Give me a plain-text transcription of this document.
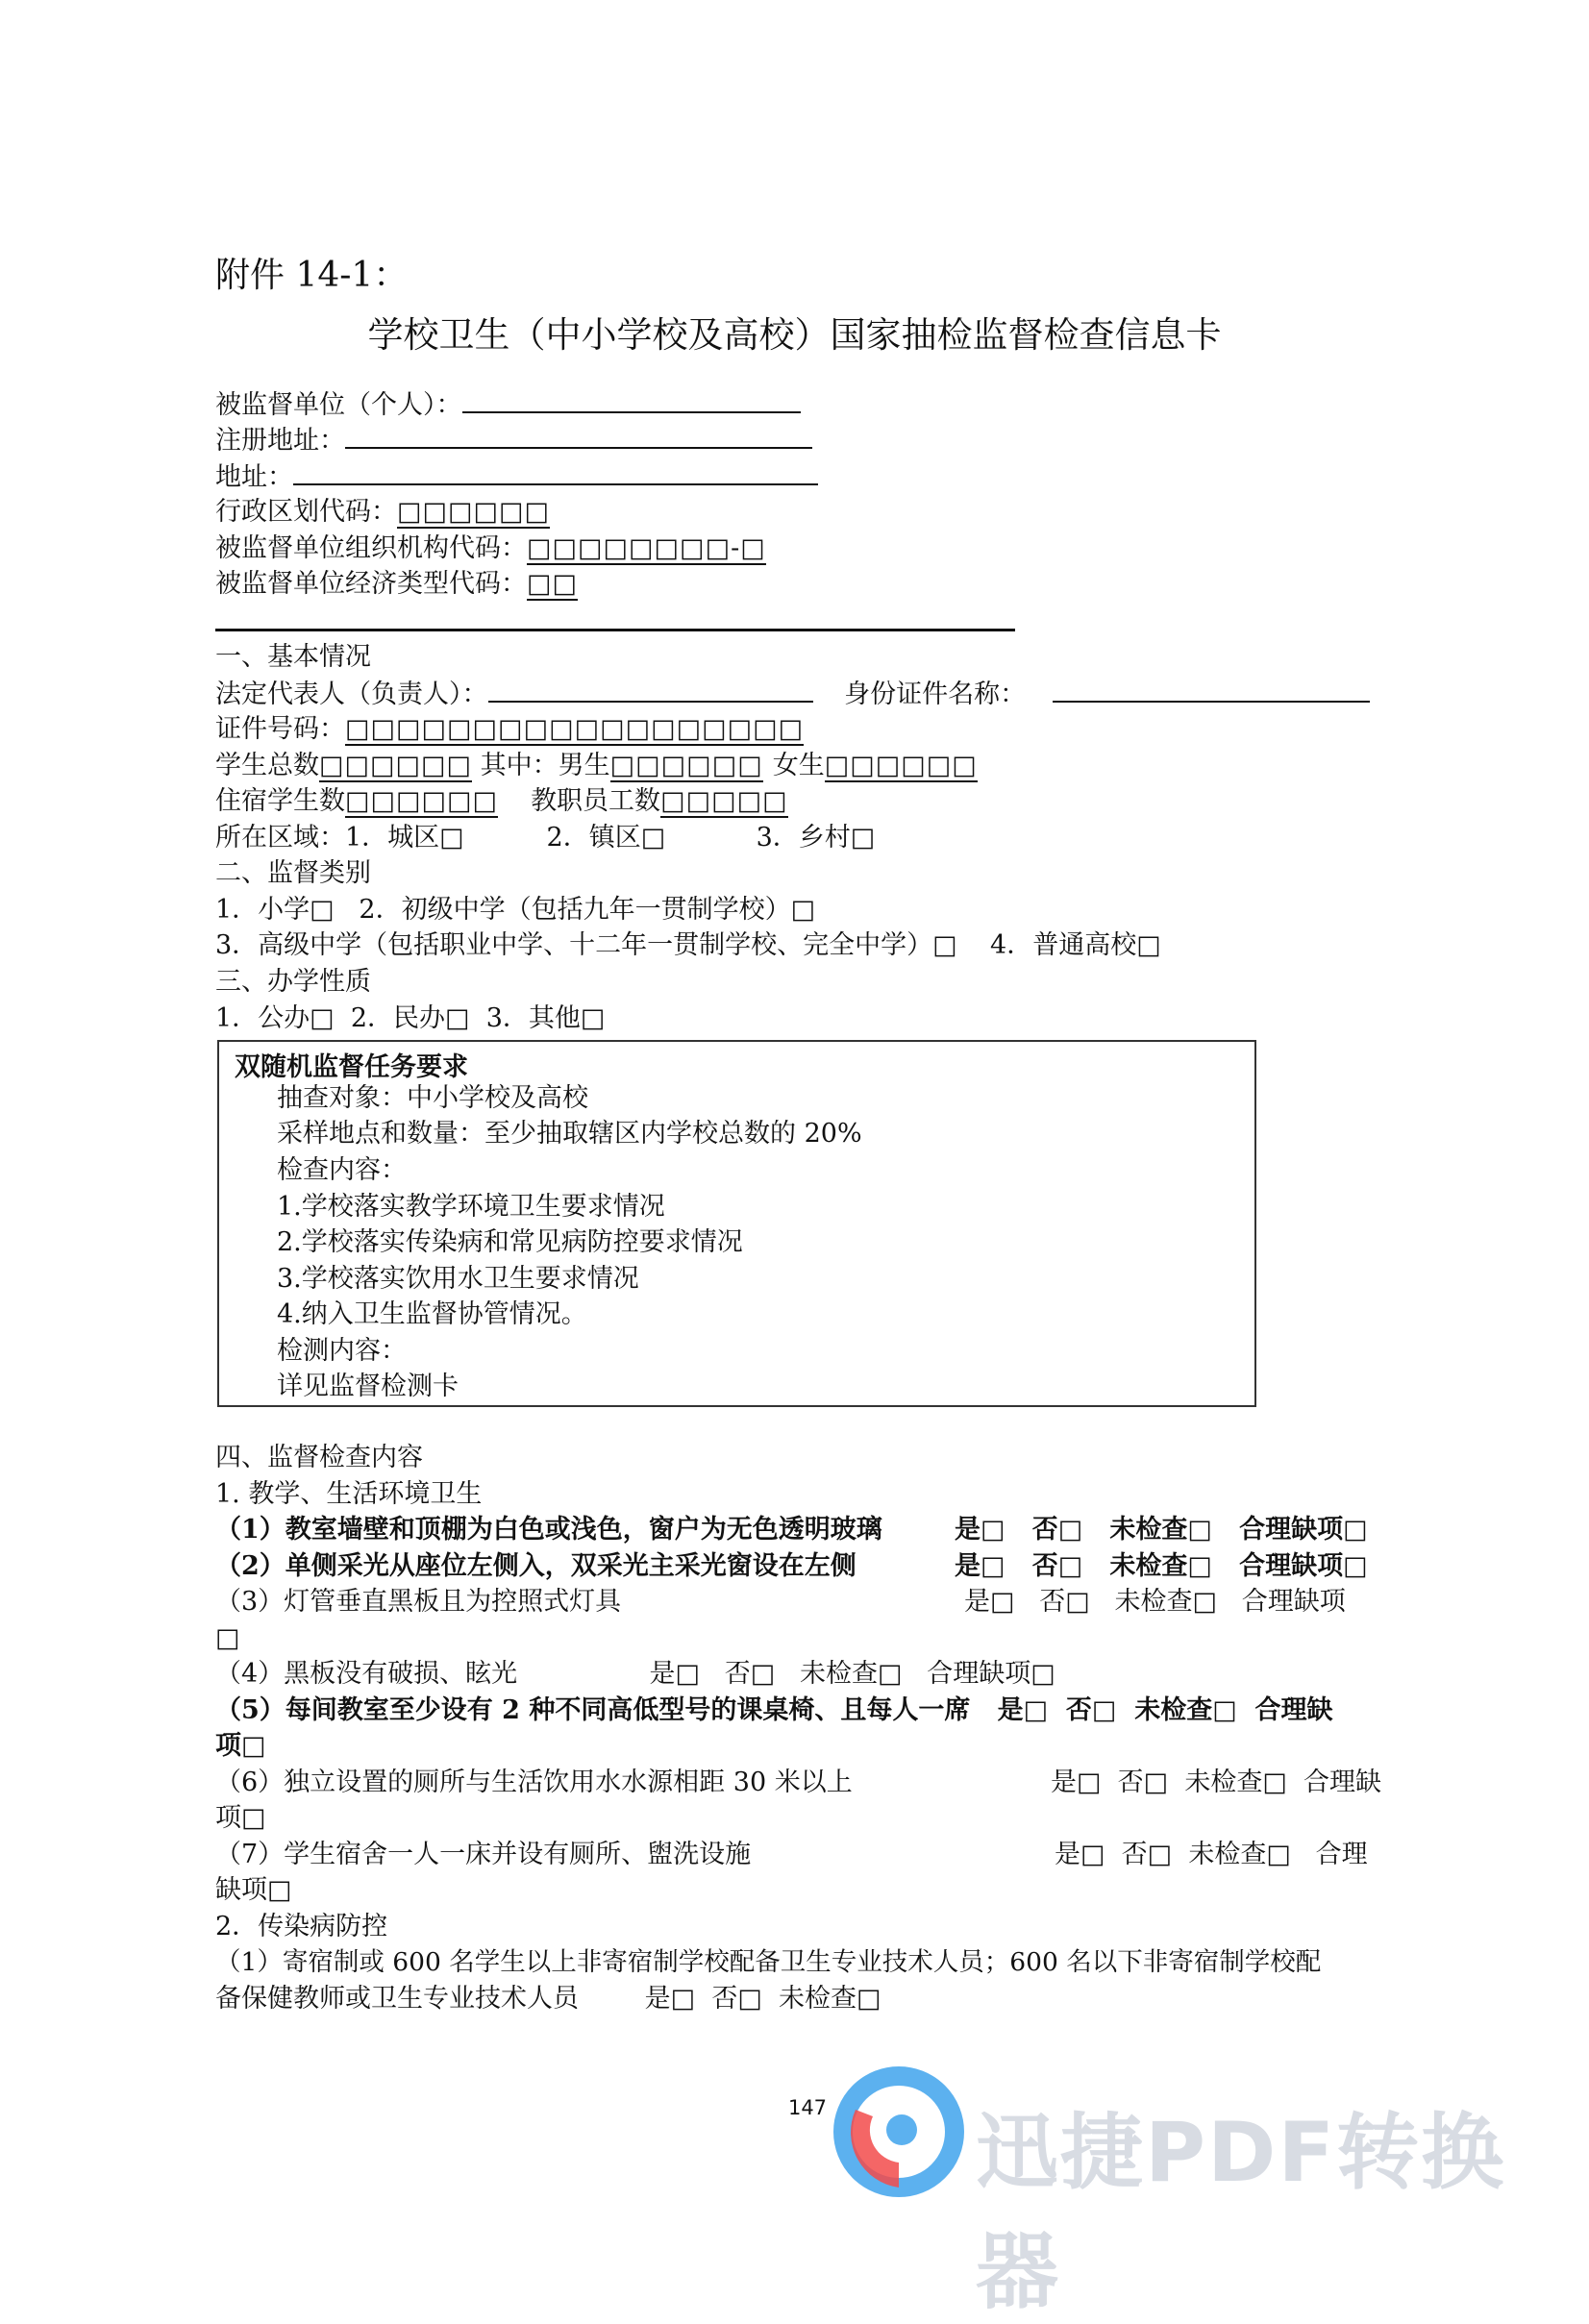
附件 14-1：
学校卫生（中小学校及高校）国家抽检监督检查信息卡
被监督单位（个人）：
注册地址：
地址：
行政区划代码：□□□□□□
被监督单位组织机构代码：□□□□□□□□-□
被监督单位经济类型代码：□□
一、基本情况
法定代表人（负责人）：	身份证件名称：
证件号码：□□□□□□□□□□□□□□□□□□
学生总数□□□□□□ 其中：男生□□□□□□ 女生□□□□□□
住宿学生数□□□□□□ 教职员工数□□□□□
所在区域：1．城区□          2．镇区□           3．乡村□
二、监督类别
1．小学□   2．初级中学（包括九年一贯制学校）□
3．高级中学（包括职业中学、十二年一贯制学校、完全中学）□    4．普通高校□
三、办学性质
1．公办□  2．民办□  3．其他□
双随机监督任务要求
抽查对象：中小学校及高校
采样地点和数量：至少抽取辖区内学校总数的 20%
检查内容：
1.学校落实教学环境卫生要求情况
2.学校落实传染病和常见病防控要求情况
3.学校落实饮用水卫生要求情况
4.纳入卫生监督协管情况。
检测内容：
详见监督检测卡
四、监督检查内容
1. 教学、生活环境卫生
（1）教室墙壁和顶棚为白色或浅色，窗户为无色透明玻璃	是□   否□   未检查□   合理缺项□
（2）单侧采光从座位左侧入，双采光主采光窗设在左侧	是□   否□   未检查□   合理缺项□
（3）灯管垂直黑板且为控照式灯具	是□   否□   未检查□   合理缺项
□
（4）黑板没有破损、眩光                是□   否□   未检查□   合理缺项□
（5）每间教室至少设有 2 种不同高低型号的课桌椅、且每人一席   是□  否□  未检查□  合理缺
项□
（6）独立设置的厕所与生活饮用水水源相距 30 米以上	是□  否□  未检查□  合理缺
项□
（7）学生宿舍一人一床并设有厕所、盥洗设施	是□  否□  未检查□   合理
缺项□
2．传染病防控
（1）寄宿制或 600 名学生以上非寄宿制学校配备卫生专业技术人员；600 名以下非寄宿制学校配
备保健教师或卫生专业技术人员        是□  否□  未检查□
147 迅捷PDF转换器
